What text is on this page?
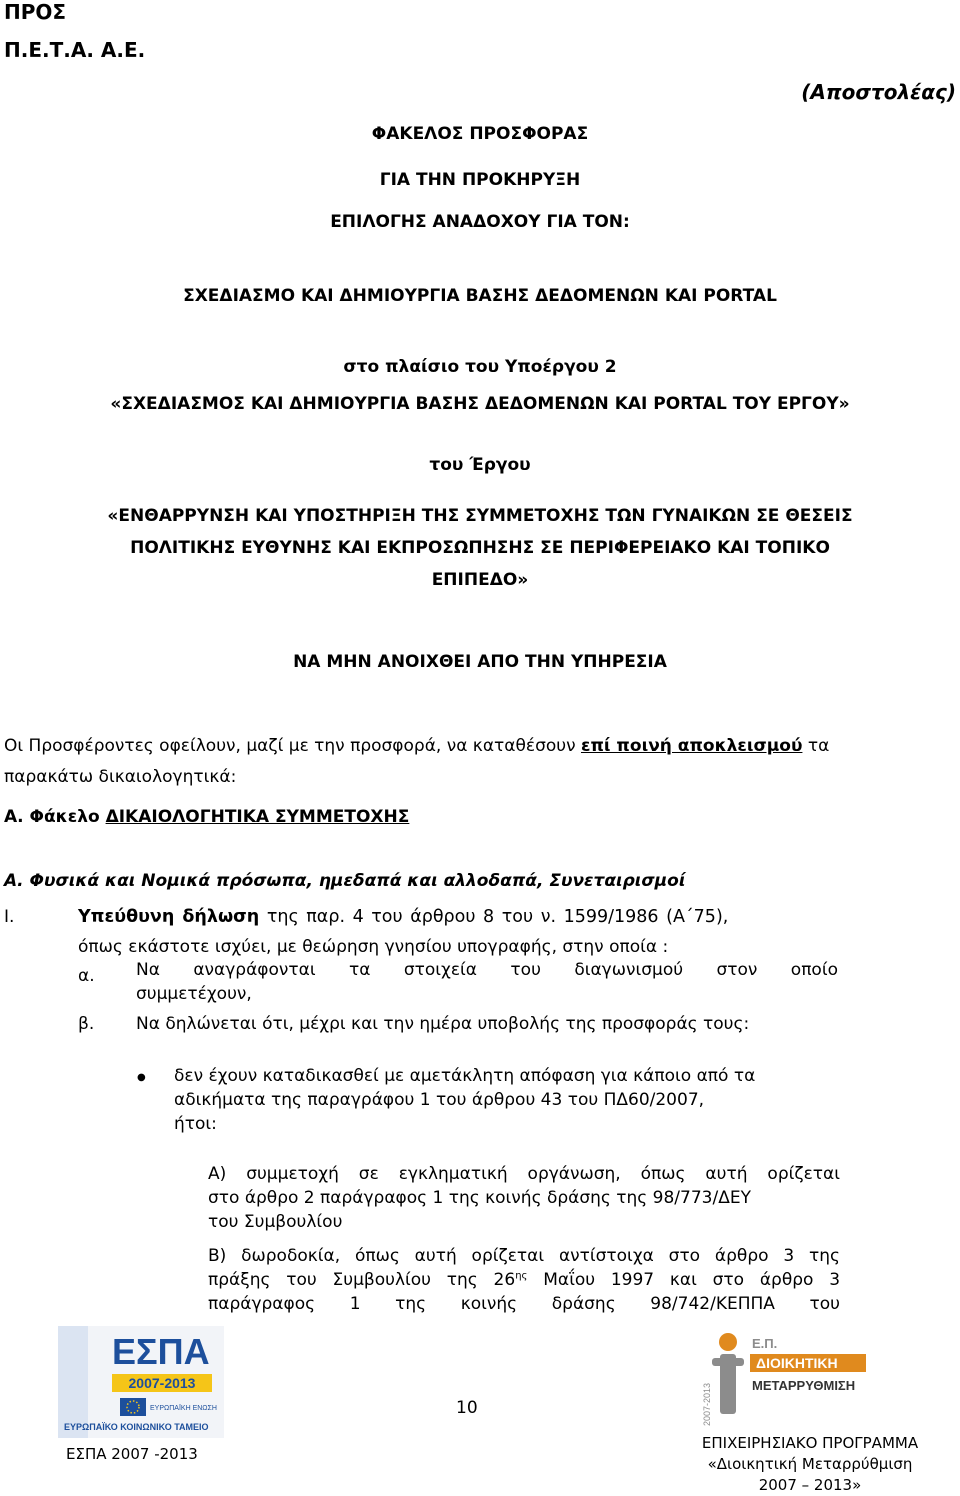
ΠΡΟΣ
Π.Ε.Τ.Α. Α.Ε.
(Αποστολέας)
ΦΑΚΕΛΟΣ ΠΡΟΣΦΟΡΑΣ
ΓΙΑ ΤΗΝ ΠΡΟΚΗΡΥΞΗ
ΕΠΙΛΟΓΗΣ ΑΝΑΔΟΧΟΥ ΓΙΑ ΤΟΝ:
ΣΧΕΔΙΑΣΜΟ ΚΑΙ ΔΗΜΙΟΥΡΓΙΑ ΒΑΣΗΣ ΔΕΔΟΜΕΝΩΝ ΚΑΙ PORTAL
στο πλαίσιο του Υποέργου 2
«ΣΧΕΔΙΑΣΜΟΣ ΚΑΙ ΔΗΜΙΟΥΡΓΙΑ ΒΑΣΗΣ ΔΕΔΟΜΕΝΩΝ ΚΑΙ PORTAL ΤΟΥ ΕΡΓΟΥ»
του Έργου
«ΕΝΘΑΡΡΥΝΣΗ ΚΑΙ ΥΠΟΣΤΗΡΙΞΗ ΤΗΣ ΣΥΜΜΕΤΟΧΗΣ ΤΩΝ ΓΥΝΑΙΚΩΝ ΣΕ ΘΕΣΕΙΣ
ΠΟΛΙΤΙΚΗΣ ΕΥΘΥΝΗΣ ΚΑΙ ΕΚΠΡΟΣΩΠΗΣΗΣ ΣΕ ΠΕΡΙΦΕΡΕΙΑΚΟ ΚΑΙ ΤΟΠΙΚΟ
ΕΠΙΠΕΔΟ»
ΝΑ ΜΗΝ ΑΝΟΙΧΘΕΙ ΑΠΟ ΤΗΝ ΥΠΗΡΕΣΙΑ
Οι Προσφέροντες οφείλουν, μαζί με την προσφορά, να καταθέσουν επί ποινή αποκλεισμού τα
παρακάτω δικαιολογητικά:
Α. Φάκελο ΔΙΚΑΙΟΛΟΓΗΤΙΚΑ ΣΥΜΜΕΤΟΧΗΣ
Α. Φυσικά και Νομικά πρόσωπα, ημεδαπά και αλλοδαπά, Συνεταιρισμοί
I.	Υπεύθυνη δήλωση της παρ. 4 του άρθρου 8 του ν. 1599/1986 (Α΄75),
όπως εκάστοτε ισχύει, με θεώρηση γνησίου υπογραφής, στην οποία :
α. Να αναγράφονται τα στοιχεία του διαγωνισμού στον οποίο
συμμετέχουν,
β. Να δηλώνεται ότι, μέχρι και την ημέρα υποβολής της προσφοράς τους:
● δεν έχουν καταδικασθεί με αμετάκλητη απόφαση για κάποιο από τα
αδικήματα της παραγράφου 1 του άρθρου 43 του ΠΔ60/2007,
ήτοι:
Α) συμμετοχή σε εγκληματική οργάνωση, όπως αυτή ορίζεται
στο άρθρο 2 παράγραφος 1 της κοινής δράσης της 98/773/ΔΕΥ
του Συμβουλίου
Β) δωροδοκία, όπως αυτή ορίζεται αντίστοιχα στο άρθρο 3 της
πράξης του Συμβουλίου της $26^{\eta\varsigma}$ Μαΐου 1997 και στο άρθρο 3
παράγραφος 1 της κοινής δράσης 98/742/ΚΕΠΠΑ του
ΕΣΠΑ
2007-2013
ΕΥΡΩΠΑΪΚΗ ΕΝΩΣΗ
ΕΥΡΩΠΑΪΚΟ ΚΟΙΝΩΝΙΚΟ ΤΑΜΕΙΟ
ΕΣΠΑ 2007 -2013
10	2007-2013
Ε.Π.
ΔΙΟΙΚΗΤΙΚΗ
ΜΕΤΑΡΡΥΘΜΙΣΗ
ΕΠΙΧΕΙΡΗΣΙΑΚΟ ΠΡΟΓΡΑΜΜΑ
«Διοικητική Μεταρρύθμιση
2007 – 2013»
